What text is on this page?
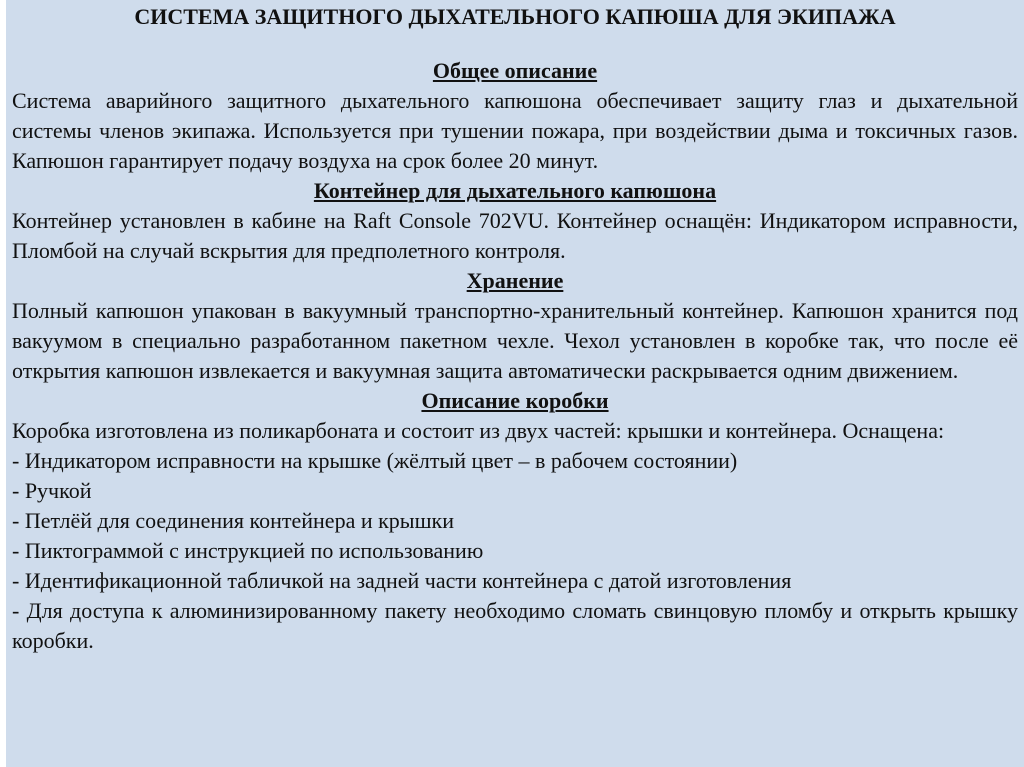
СИСТЕМА ЗАЩИТНОГО ДЫХАТЕЛЬНОГО КАПЮША ДЛЯ ЭКИПАЖА
Общее описание
Система аварийного защитного дыхательного капюшона обеспечивает защиту глаз и дыхательной системы членов экипажа. Используется при тушении пожара, при воздействии дыма и токсичных газов. Капюшон гарантирует подачу воздуха на срок более 20 минут.
Контейнер для дыхательного капюшона
Контейнер установлен в кабине на Raft Console 702VU. Контейнер оснащён: Индикатором исправности, Пломбой на случай вскрытия для предполетного контроля.
Хранение
Полный капюшон упакован в вакуумный транспортно-хранительный контейнер. Капюшон хранится под вакуумом в специально разработанном пакетном чехле. Чехол установлен в коробке так, что после её открытия капюшон извлекается и вакуумная защита автоматически раскрывается одним движением.
Описание коробки
Коробка изготовлена из поликарбоната и состоит из двух частей: крышки и контейнера. Оснащена:
- Индикатором исправности на крышке (жёлтый цвет – в рабочем состоянии)
- Ручкой
- Петлёй для соединения контейнера и крышки
- Пиктограммой с инструкцией по использованию
- Идентификационной табличкой на задней части контейнера с датой изготовления
- Для доступа к алюминизированному пакету необходимо сломать свинцовую пломбу и открыть крышку коробки.
